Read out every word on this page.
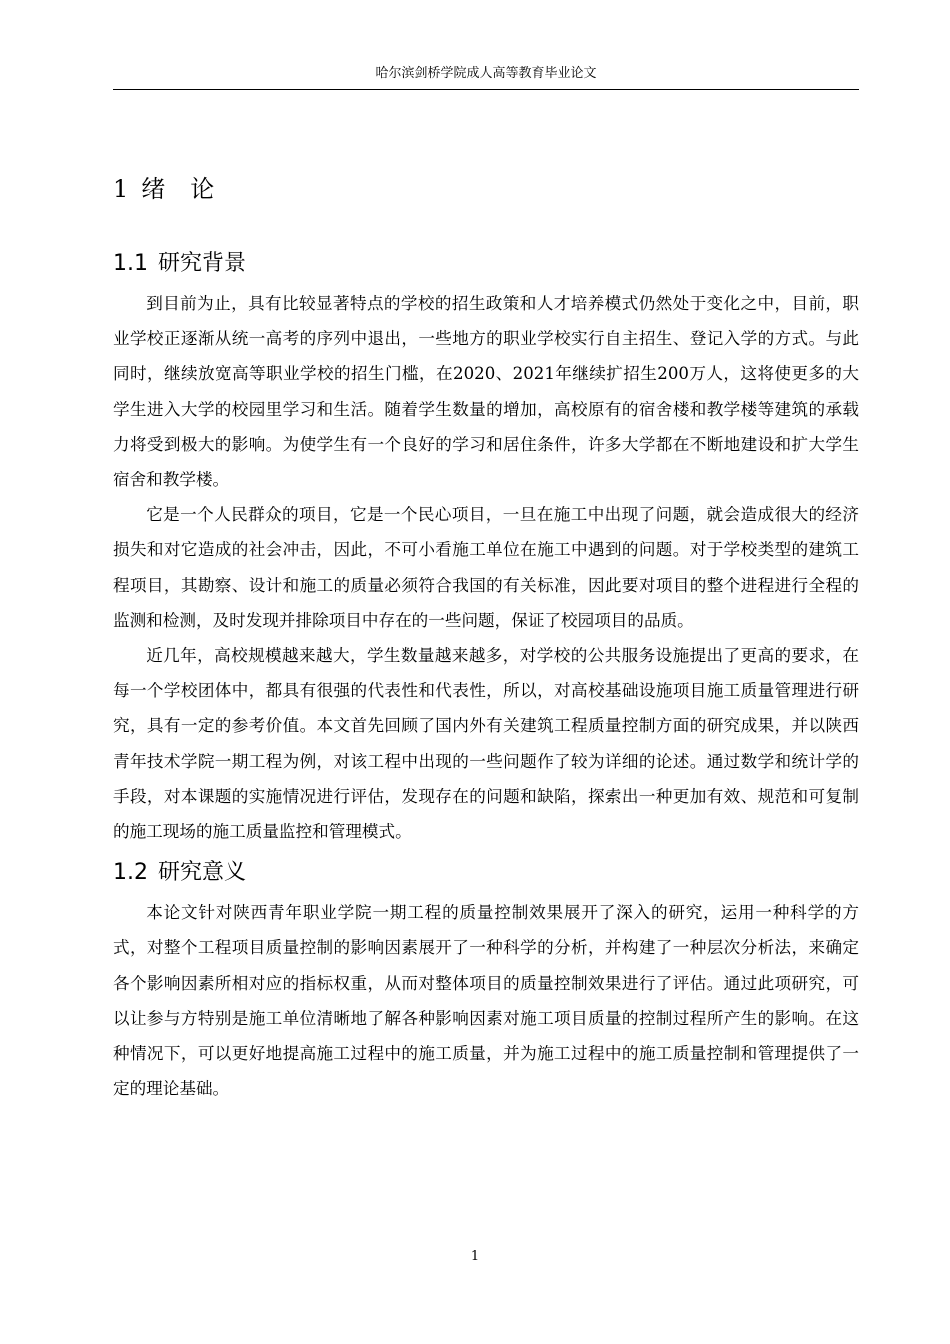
哈尔滨剑桥学院成人高等教育毕业论文
1 绪 论
1.1 研究背景

到目前为止，具有比较显著特点的学校的招生政策和人才培养模式仍然处于变化之中，目前，职业学校正逐渐从统一高考的序列中退出，一些地方的职业学校实行自主招生、登记入学的方式。与此同时，继续放宽高等职业学校的招生门槛，在2020、2021年继续扩招生200万人，这将使更多的大学生进入大学的校园里学习和生活。随着学生数量的增加，高校原有的宿舍楼和教学楼等建筑的承载力将受到极大的影响。为使学生有一个良好的学习和居住条件，许多大学都在不断地建设和扩大学生宿舍和教学楼。

它是一个人民群众的项目，它是一个民心项目，一旦在施工中出现了问题，就会造成很大的经济损失和对它造成的社会冲击，因此，不可小看施工单位在施工中遇到的问题。对于学校类型的建筑工程项目，其勘察、设计和施工的质量必须符合我国的有关标准，因此要对项目的整个进程进行全程的监测和检测，及时发现并排除项目中存在的一些问题，保证了校园项目的品质。

近几年，高校规模越来越大，学生数量越来越多，对学校的公共服务设施提出了更高的要求，在每一个学校团体中，都具有很强的代表性和代表性，所以，对高校基础设施项目施工质量管理进行研究，具有一定的参考价值。本文首先回顾了国内外有关建筑工程质量控制方面的研究成果，并以陕西青年技术学院一期工程为例，对该工程中出现的一些问题作了较为详细的论述。通过数学和统计学的手段，对本课题的实施情况进行评估，发现存在的问题和缺陷，探索出一种更加有效、规范和可复制的施工现场的施工质量监控和管理模式。

1.2 研究意义

本论文针对陕西青年职业学院一期工程的质量控制效果展开了深入的研究，运用一种科学的方式，对整个工程项目质量控制的影响因素展开了一种科学的分析，并构建了一种层次分析法，来确定各个影响因素所相对应的指标权重，从而对整体项目的质量控制效果进行了评估。通过此项研究，可以让参与方特别是施工单位清晰地了解各种影响因素对施工项目质量的控制过程所产生的影响。在这种情况下，可以更好地提高施工过程中的施工质量，并为施工过程中的施工质量控制和管理提供了一定的理论基础。

1
